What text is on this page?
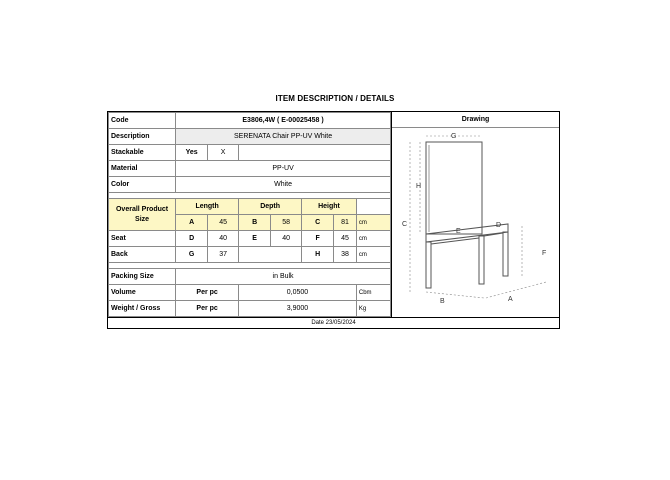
ITEM DESCRIPTION / DETAILS
Code	E3806,4W ( E-00025458 )						
Description	SERENATA Chair PP-UV White						
Stackable	Yes	X					
Material	PP-UV						
Color	White						

Overall Product Size	Length		Depth		Height		
	A	45	B	58	C	81	cm
Seat	D	40	E	40	F	45	cm
Back	G	37			H	38	cm

Packing Size	in Bulk						
Volume	Per pc		0,0500				Cbm
Weight / Gross	Per pc		3,9000				Kg
Drawing
G
H
C
E
D
F
B	A
Date 23/05/2024
